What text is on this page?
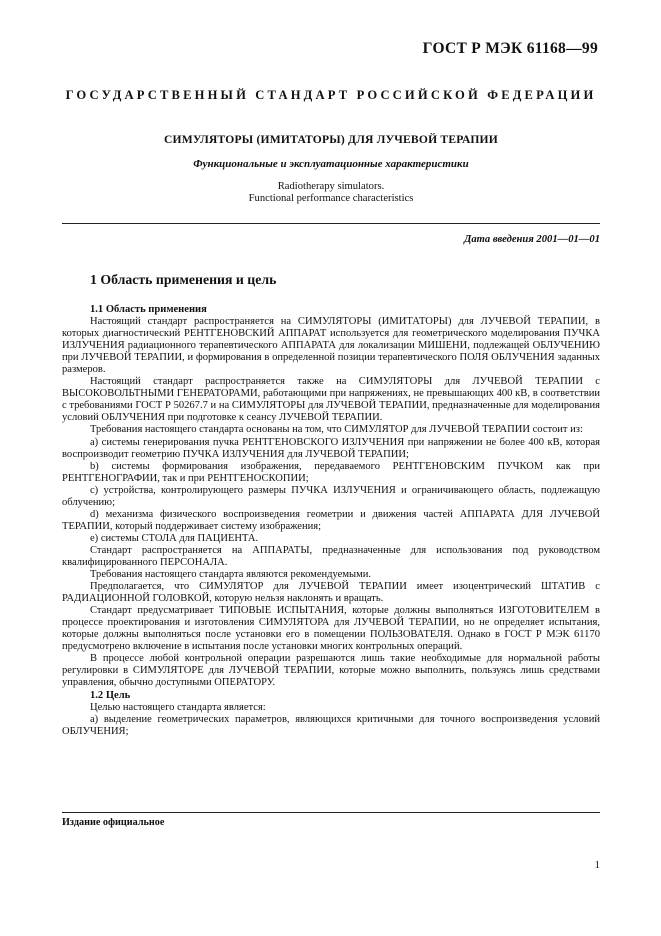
ГОСТ Р МЭК 61168—99
ГОСУДАРСТВЕННЫЙ СТАНДАРТ РОССИЙСКОЙ ФЕДЕРАЦИИ
СИМУЛЯТОРЫ (ИМИТАТОРЫ) ДЛЯ ЛУЧЕВОЙ ТЕРАПИИ
Функциональные и эксплуатационные характеристики
Radiotherapy simulators.
Functional performance characteristics
Дата введения 2001—01—01
1 Область применения и цель

1.1 Область применения

Настоящий стандарт распространяется на СИМУЛЯТОРЫ (ИМИТАТОРЫ) для ЛУЧЕВОЙ ТЕРАПИИ, в которых диагностический РЕНТГЕНОВСКИЙ АППАРАТ используется для геометрического моделирования ПУЧКА ИЗЛУЧЕНИЯ радиационного терапевтического АППАРАТА для локализации МИШЕНИ, подлежащей ОБЛУЧЕНИЮ при ЛУЧЕВОЙ ТЕРАПИИ, и формирования в определенной позиции терапевтического ПОЛЯ ОБЛУЧЕНИЯ заданных размеров.

Настоящий стандарт распространяется также на СИМУЛЯТОРЫ для ЛУЧЕВОЙ ТЕРАПИИ с ВЫСОКОВОЛЬТНЫМИ ГЕНЕРАТОРАМИ, работающими при напряжениях, не превышающих 400 кВ, в соответствии с требованиями ГОСТ Р 50267.7 и на СИМУЛЯТОРЫ для ЛУЧЕВОЙ ТЕРАПИИ, предназначенные для моделирования условий ОБЛУЧЕНИЯ при подготовке к сеансу ЛУЧЕВОЙ ТЕРАПИИ.

Требования настоящего стандарта основаны на том, что СИМУЛЯТОР для ЛУЧЕВОЙ ТЕРАПИИ состоит из:

а) системы генерирования пучка РЕНТГЕНОВСКОГО ИЗЛУЧЕНИЯ при напряжении не более 400 кВ, которая воспроизводит геометрию ПУЧКА ИЗЛУЧЕНИЯ для ЛУЧЕВОЙ ТЕРАПИИ;

b) системы формирования изображения, передаваемого РЕНТГЕНОВСКИМ ПУЧКОМ как при РЕНТГЕНОГРАФИИ, так и при РЕНТГЕНОСКОПИИ;

с) устройства, контролирующего размеры ПУЧКА ИЗЛУЧЕНИЯ и ограничивающего область, подлежащую облучению;

d) механизма физического воспроизведения геометрии и движения частей АППАРАТА ДЛЯ ЛУЧЕВОЙ ТЕРАПИИ, который поддерживает систему изображения;

е) системы СТОЛА для ПАЦИЕНТА.

Стандарт распространяется на АППАРАТЫ, предназначенные для использования под руководством квалифицированного ПЕРСОНАЛА.

Требования настоящего стандарта являются рекомендуемыми.

Предполагается, что СИМУЛЯТОР для ЛУЧЕВОЙ ТЕРАПИИ имеет изоцентрический ШТАТИВ с РАДИАЦИОННОЙ ГОЛОВКОЙ, которую нельзя наклонять и вращать.

Стандарт предусматривает ТИПОВЫЕ ИСПЫТАНИЯ, которые должны выполняться ИЗГОТОВИТЕЛЕМ в процессе проектирования и изготовления СИМУЛЯТОРА для ЛУЧЕВОЙ ТЕРАПИИ, но не определяет испытания, которые должны выполняться после установки его в помещении ПОЛЬЗОВАТЕЛЯ. Однако в ГОСТ Р МЭК 61170 предусмотрено включение в испытания после установки многих контрольных операций.

В процессе любой контрольной операции разрешаются лишь такие необходимые для нормальной работы регулировки в СИМУЛЯТОРЕ для ЛУЧЕВОЙ ТЕРАПИИ, которые можно выполнить, пользуясь лишь средствами управления, обычно доступными ОПЕРАТОРУ.

1.2 Цель

Целью настоящего стандарта является:

а) выделение геометрических параметров, являющихся критичными для точного воспроизведения условий ОБЛУЧЕНИЯ;

Издание официальное
1
